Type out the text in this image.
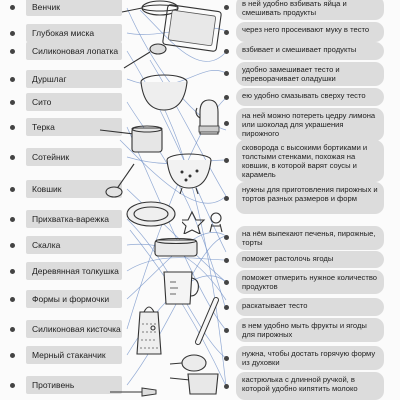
Венчик
Глубокая миска
Силиконовая лопатка
Дуршлаг
Сито
Терка
Сотейник
Ковшик
Прихватка-варежка
Скалка
Деревянная толкушка
Формы и формочки
Силиконовая кисточка
Мерный стаканчик
Противень
в ней удобно взбивать яйца и смешивать продукты
через него просеивают муку в тесто
взбивает и смешивает продукты
удобно замешивает тесто и переворачивает оладушки
ею удобно смазывать сверху тесто
на ней можно потереть цедру лимона или шоколад для украшения пирожного
сковорода с высокими бортиками и толстыми стенками, похожая на ковшик, в которой варят соусы и карамель
нужны для приготовления пирожных и тортов разных размеров и форм
на нём выпекают печенья, пирожные, торты
поможет растолочь ягоды
поможет отмерить нужное количество продуктов
раскатывает тесто
в нем удобно мыть фрукты и ягоды для пирожных
нужна, чтобы достать горячую форму из духовки
кастрюлька с длинной ручкой, в которой удобно кипятить молоко
